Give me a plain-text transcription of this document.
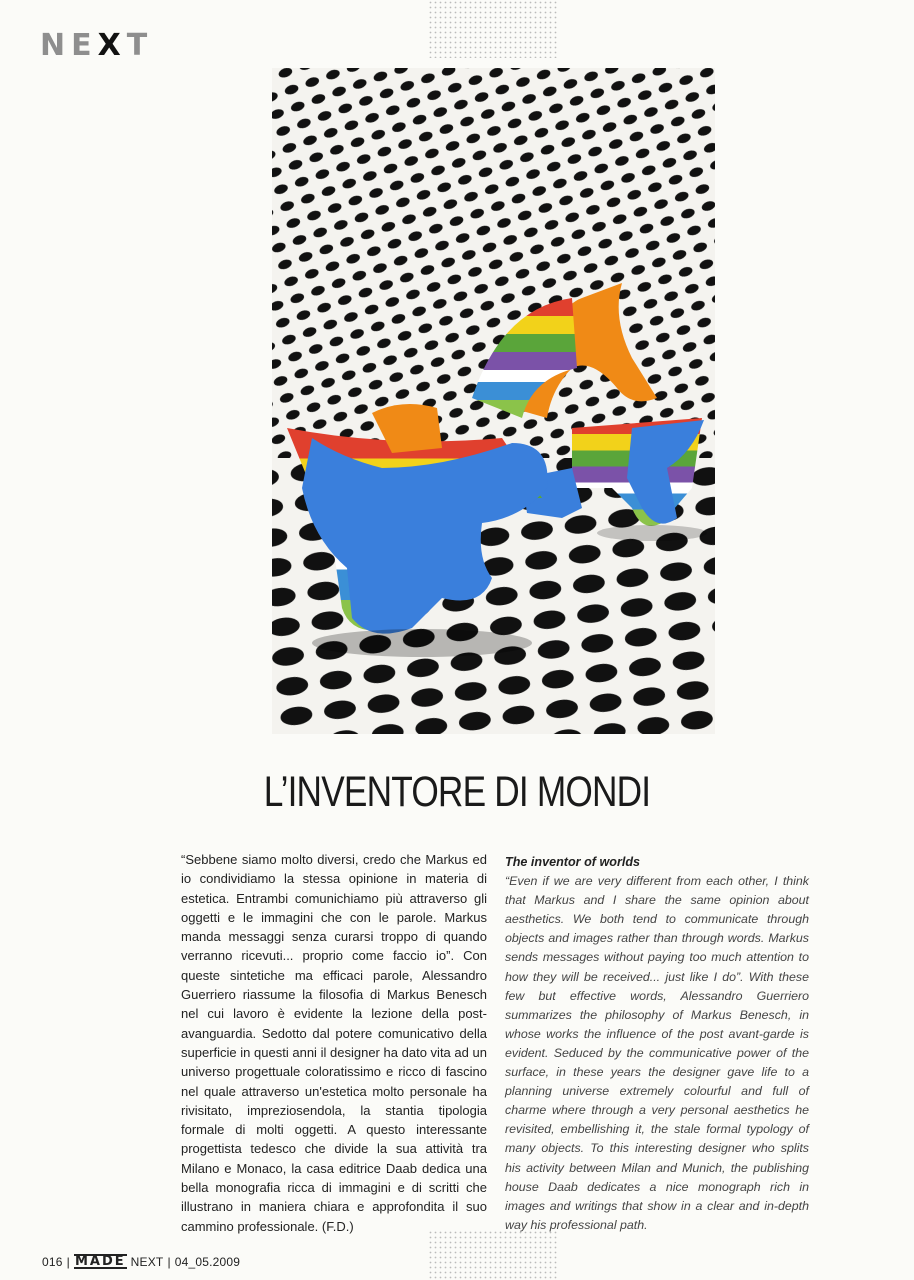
NEXT
L’INVENTORE DI MONDI
“Sebbene siamo molto diversi, credo che Markus ed io condividiamo la stessa opinione in materia di estetica. Entrambi comunichiamo più attraverso gli oggetti e le immagini che con le parole. Markus manda messaggi senza curarsi troppo di quando verranno ricevuti... proprio come faccio io”. Con queste sintetiche ma efficaci parole, Alessandro Guerriero riassume la filosofia di Markus Benesch nel cui lavoro è evidente la lezione della post-avanguardia. Sedotto dal potere comunicativo della superficie in questi anni il designer ha dato vita ad un universo progettuale coloratissimo e ricco di fascino nel quale attraverso un'estetica molto personale ha rivisitato, impreziosendola, la stantia tipologia formale di molti oggetti. A questo interessante progettista tedesco che divide la sua attività tra Milano e Monaco, la casa editrice Daab dedica una bella monografia ricca di immagini e di scritti che illustrano in maniera chiara e approfondita il suo cammino professionale. (F.D.)
The inventor of worlds
“Even if we are very different from each other, I think that Markus and I share the same opinion about aesthetics. We both tend to communicate through objects and images rather than through words. Markus sends messages without paying too much attention to how they will be received... just like I do”. With these few but effective words, Alessandro Guerriero summarizes the philosophy of Markus Benesch, in whose works the influence of the post avant-garde is evident. Seduced by the communicative power of the surface, in these years the designer gave life to a planning universe extremely colourful and full of charme where through a very personal aesthetics he revisited, embellishing it, the stale formal typology of many objects. To this interesting designer who splits his activity between Milan and Munich, the publishing house Daab dedicates a nice monograph rich in images and writings that show in a clear and in-depth way his professional path.
016 | MADE NEXT | 04_05.2009
